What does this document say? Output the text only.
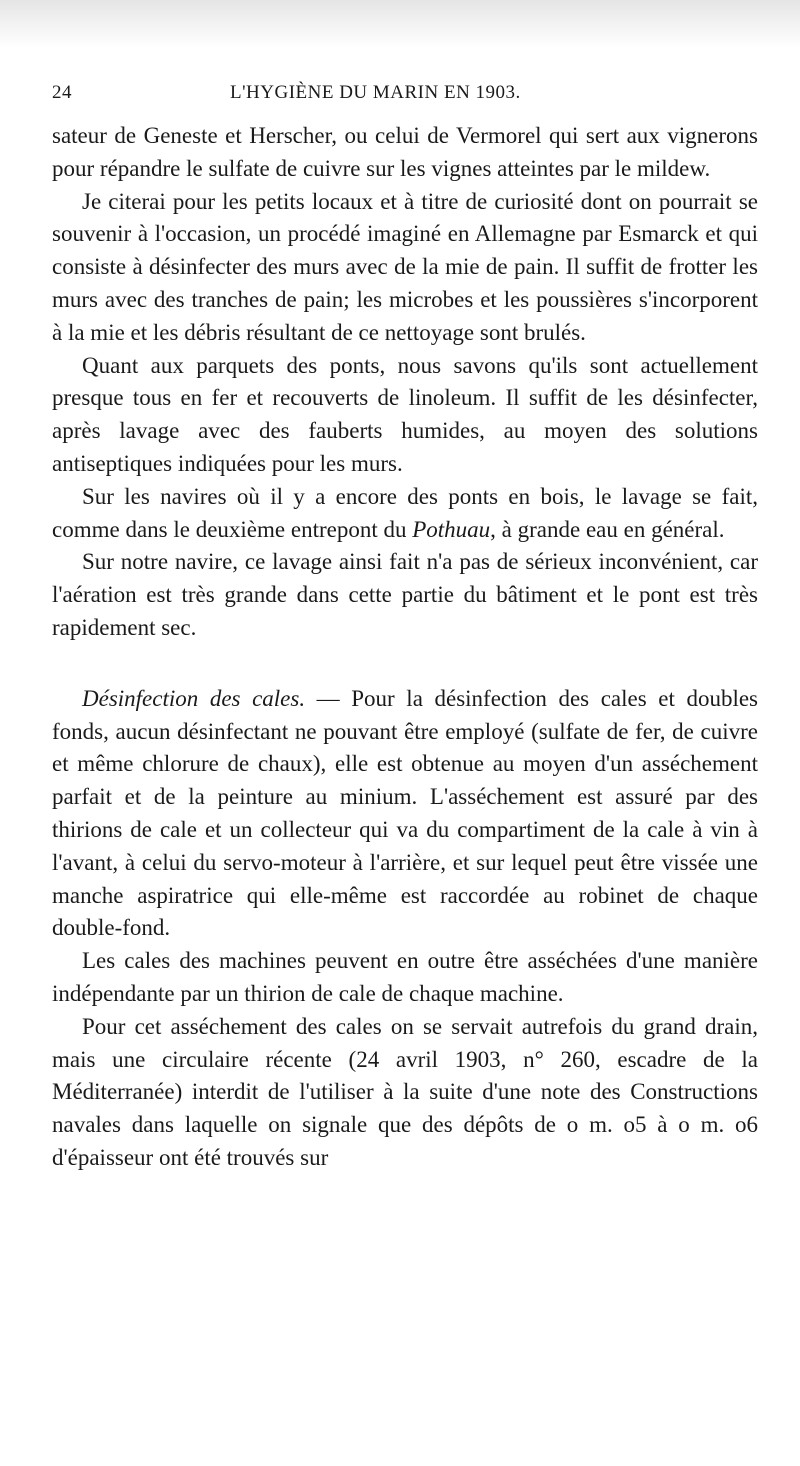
24	L'HYGIÈNE DU MARIN EN 1903.

sateur de Geneste et Herscher, ou celui de Vermorel qui sert aux vignerons pour répandre le sulfate de cuivre sur les vignes atteintes par le mildew.

Je citerai pour les petits locaux et à titre de curiosité dont on pourrait se souvenir à l'occasion, un procédé imaginé en Allemagne par Esmarck et qui consiste à désinfecter des murs avec de la mie de pain. Il suffit de frotter les murs avec des tranches de pain; les microbes et les poussières s'incorporent à la mie et les débris résultant de ce nettoyage sont brulés.

Quant aux parquets des ponts, nous savons qu'ils sont actuellement presque tous en fer et recouverts de linoleum. Il suffit de les désinfecter, après lavage avec des fauberts humides, au moyen des solutions antiseptiques indiquées pour les murs.

Sur les navires où il y a encore des ponts en bois, le lavage se fait, comme dans le deuxième entrepont du Pothuau, à grande eau en général.

Sur notre navire, ce lavage ainsi fait n'a pas de sérieux inconvénient, car l'aération est très grande dans cette partie du bâtiment et le pont est très rapidement sec.

Désinfection des cales. — Pour la désinfection des cales et doubles fonds, aucun désinfectant ne pouvant être employé (sulfate de fer, de cuivre et même chlorure de chaux), elle est obtenue au moyen d'un asséchement parfait et de la peinture au minium. L'asséchement est assuré par des thirions de cale et un collecteur qui va du compartiment de la cale à vin à l'avant, à celui du servo-moteur à l'arrière, et sur lequel peut être vissée une manche aspiratrice qui elle-même est raccordée au robinet de chaque double-fond.

Les cales des machines peuvent en outre être asséchées d'une manière indépendante par un thirion de cale de chaque machine.

Pour cet asséchement des cales on se servait autrefois du grand drain, mais une circulaire récente (24 avril 1903, n° 260, escadre de la Méditerranée) interdit de l'utiliser à la suite d'une note des Constructions navales dans laquelle on signale que des dépôts de o m. o5 à o m. o6 d'épaisseur ont été trouvés sur
